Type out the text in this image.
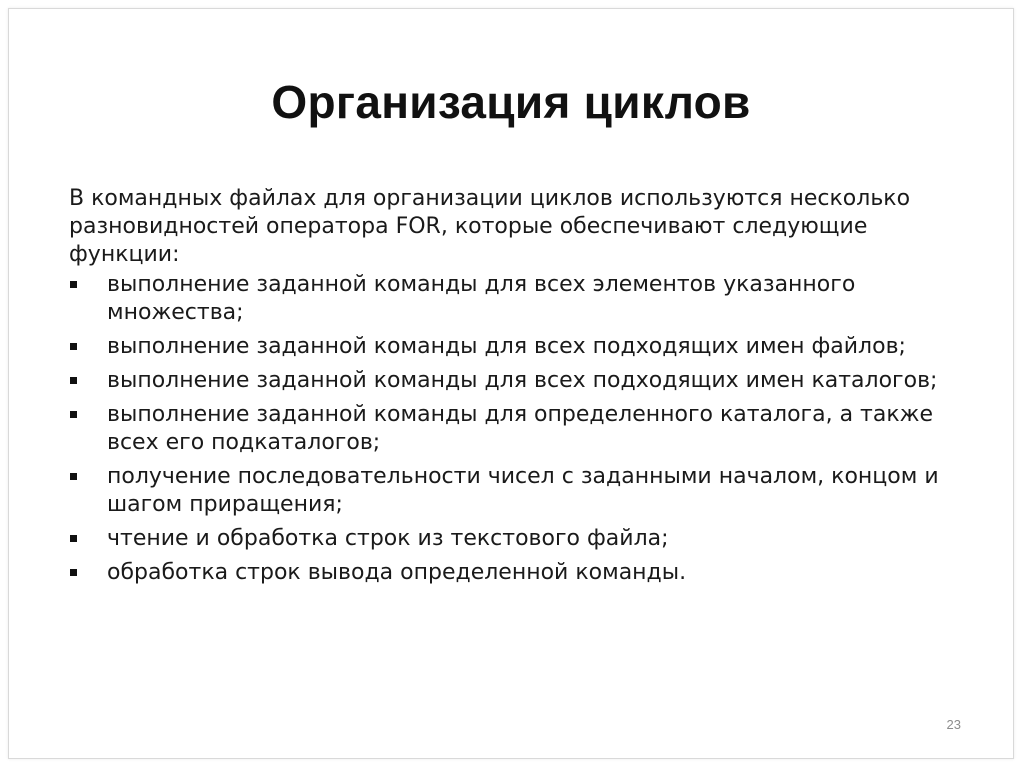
Организация циклов

В командных файлах для организации циклов используются несколько разновидностей оператора FOR, которые обеспечивают следующие функции:

выполнение заданной команды для всех элементов указанного множества;
выполнение заданной команды для всех подходящих имен файлов;
выполнение заданной команды для всех подходящих имен каталогов;
выполнение заданной команды для определенного каталога, а также всех его подкаталогов;
получение последовательности чисел с заданными началом, концом и шагом приращения;
чтение и обработка строк из текстового файла;
обработка строк вывода определенной команды.
23
